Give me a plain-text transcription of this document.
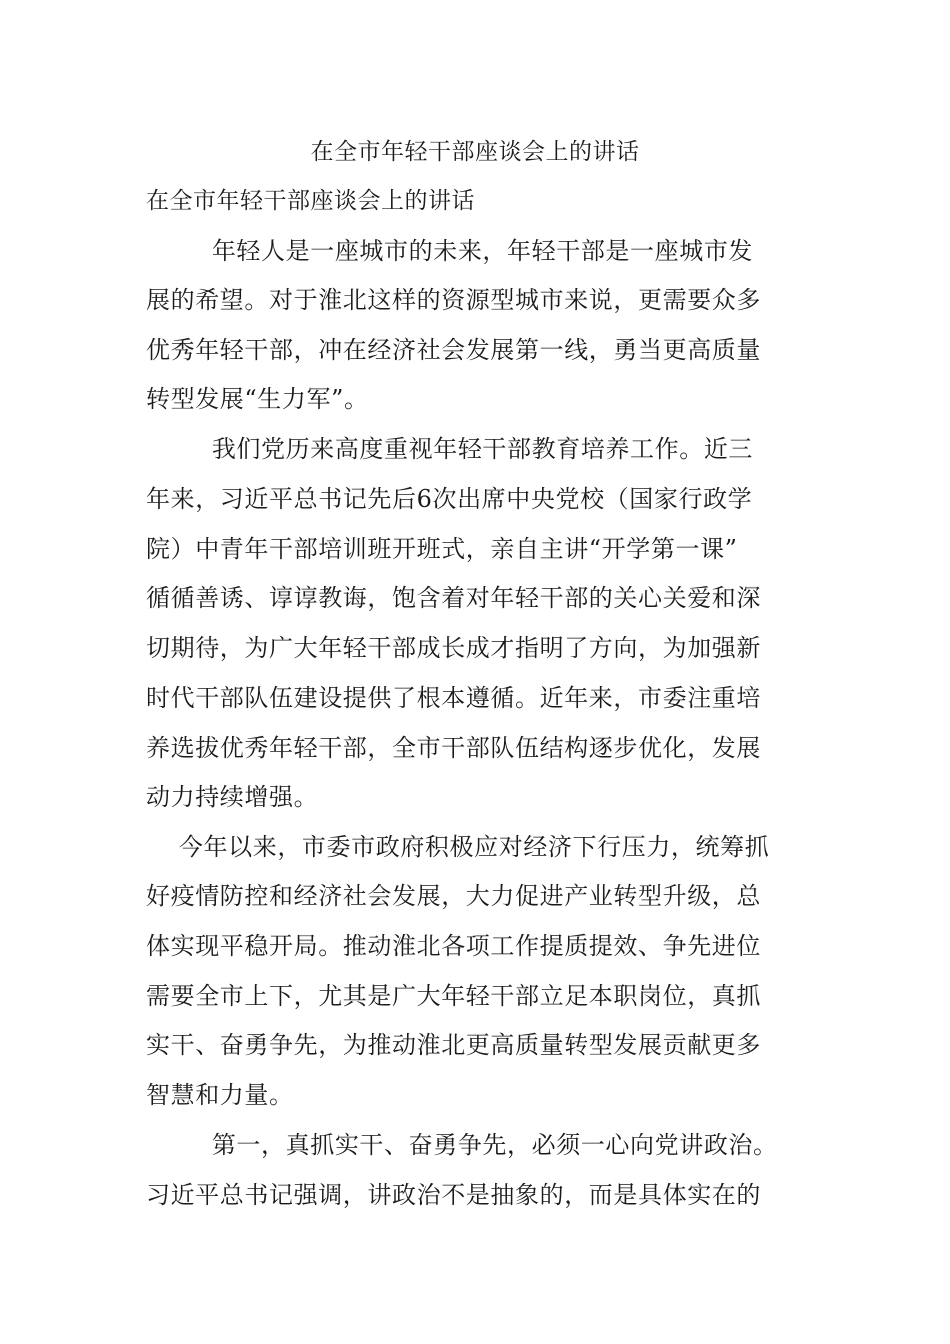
在全市年轻干部座谈会上的讲话
在全市年轻干部座谈会上的讲话
年轻人是一座城市的未来，年轻干部是一座城市发
展的希望。对于淮北这样的资源型城市来说，更需要众多
优秀年轻干部，冲在经济社会发展第一线，勇当更高质量
转型发展“生力军”。
我们党历来高度重视年轻干部教育培养工作。近三
年来，习近平总书记先后6次出席中央党校（国家行政学
院）中青年干部培训班开班式，亲自主讲“开学第一课”
循循善诱、谆谆教诲，饱含着对年轻干部的关心关爱和深
切期待，为广大年轻干部成长成才指明了方向，为加强新
时代干部队伍建设提供了根本遵循。近年来，市委注重培
养选拔优秀年轻干部，全市干部队伍结构逐步优化，发展
动力持续增强。
今年以来，市委市政府积极应对经济下行压力，统筹抓
好疫情防控和经济社会发展，大力促进产业转型升级，总
体实现平稳开局。推动淮北各项工作提质提效、争先进位
需要全市上下，尤其是广大年轻干部立足本职岗位，真抓
实干、奋勇争先，为推动淮北更高质量转型发展贡献更多
智慧和力量。
第一，真抓实干、奋勇争先，必须一心向党讲政治。
习近平总书记强调，讲政治不是抽象的，而是具体实在的
